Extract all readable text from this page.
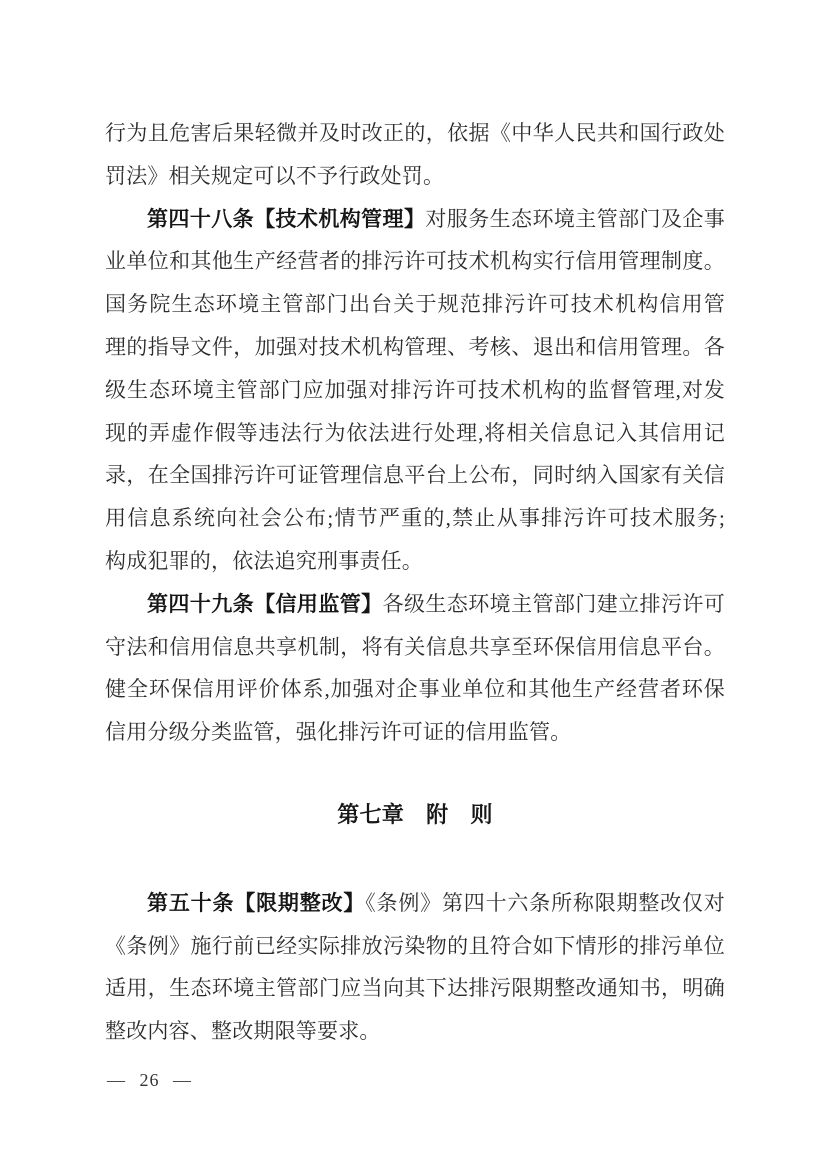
行为且危害后果轻微并及时改正的，依据《中华人民共和国行政处
罚法》相关规定可以不予行政处罚。
第四十八条【技术机构管理】对服务生态环境主管部门及企事
业单位和其他生产经营者的排污许可技术机构实行信用管理制度。
国务院生态环境主管部门出台关于规范排污许可技术机构信用管
理的指导文件，加强对技术机构管理、考核、退出和信用管理。各
级生态环境主管部门应加强对排污许可技术机构的监督管理,对发
现的弄虚作假等违法行为依法进行处理,将相关信息记入其信用记
录，在全国排污许可证管理信息平台上公布，同时纳入国家有关信
用信息系统向社会公布;情节严重的,禁止从事排污许可技术服务;
构成犯罪的，依法追究刑事责任。
第四十九条【信用监管】各级生态环境主管部门建立排污许可
守法和信用信息共享机制，将有关信息共享至环保信用信息平台。
健全环保信用评价体系,加强对企事业单位和其他生产经营者环保
信用分级分类监管，强化排污许可证的信用监管。
第七章　附　则
第五十条【限期整改】《条例》第四十六条所称限期整改仅对
《条例》施行前已经实际排放污染物的且符合如下情形的排污单位
适用，生态环境主管部门应当向其下达排污限期整改通知书，明确
整改内容、整改期限等要求。
— 26 —
